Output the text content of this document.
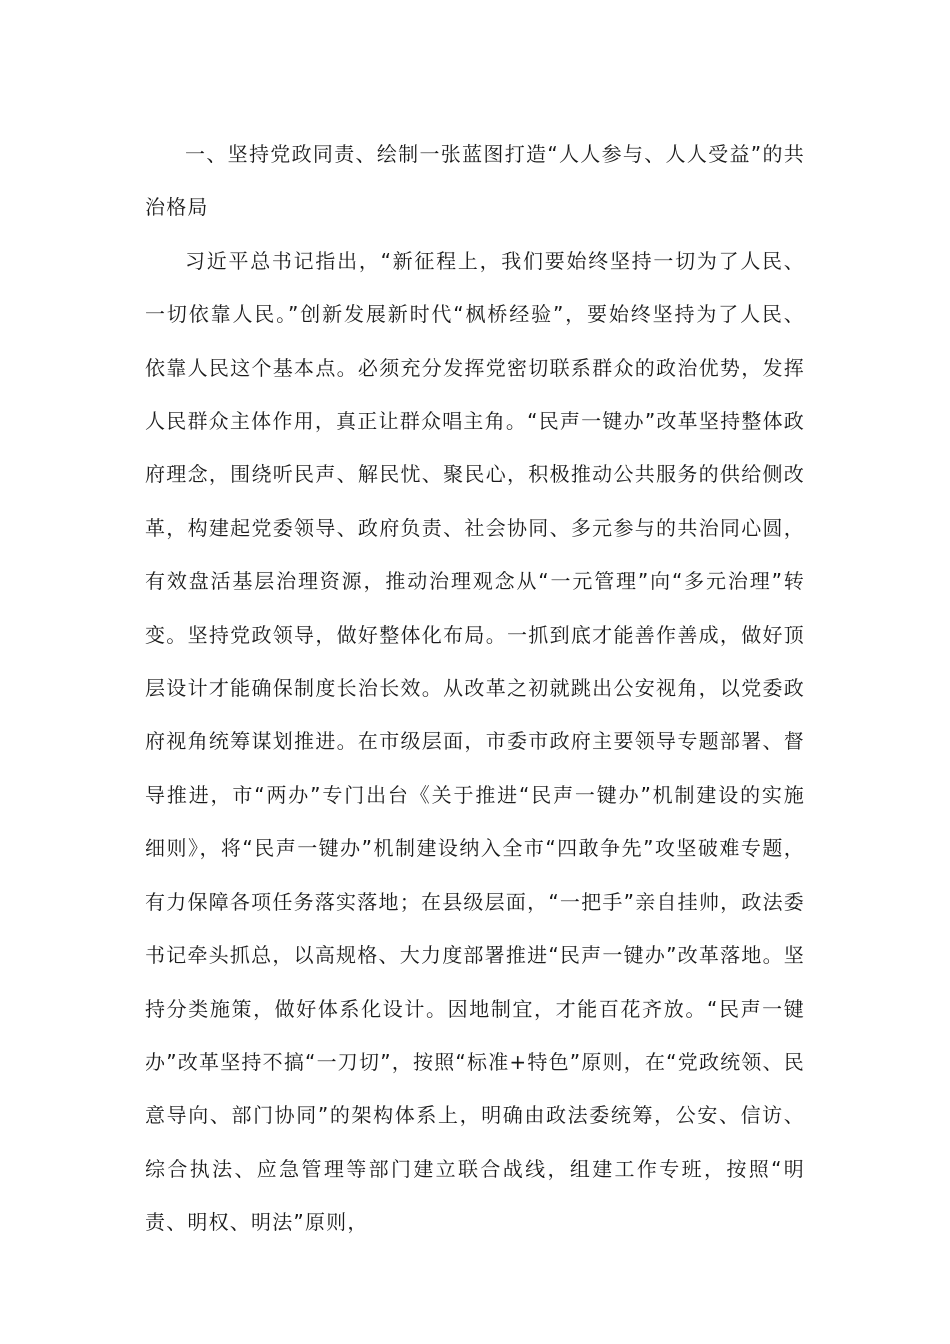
一、坚持党政同责、绘制一张蓝图打造“人人参与、人人受益”的共治格局

习近平总书记指出，“新征程上，我们要始终坚持一切为了人民、一切依靠人民。”创新发展新时代“枫桥经验”，要始终坚持为了人民、依靠人民这个基本点。必须充分发挥党密切联系群众的政治优势，发挥人民群众主体作用，真正让群众唱主角。“民声一键办”改革坚持整体政府理念，围绕听民声、解民忧、聚民心，积极推动公共服务的供给侧改革，构建起党委领导、政府负责、社会协同、多元参与的共治同心圆，有效盘活基层治理资源，推动治理观念从“一元管理”向“多元治理”转变。坚持党政领导，做好整体化布局。一抓到底才能善作善成，做好顶层设计才能确保制度长治长效。从改革之初就跳出公安视角，以党委政府视角统筹谋划推进。在市级层面，市委市政府主要领导专题部署、督导推进，市“两办”专门出台《关于推进“民声一键办”机制建设的实施细则》，将“民声一键办”机制建设纳入全市“四敢争先”攻坚破难专题，有力保障各项任务落实落地；在县级层面，“一把手”亲自挂帅，政法委书记牵头抓总，以高规格、大力度部署推进“民声一键办”改革落地。坚持分类施策，做好体系化设计。因地制宜，才能百花齐放。“民声一键办”改革坚持不搞“一刀切”，按照“标准+特色”原则，在“党政统领、民意导向、部门协同”的架构体系上，明确由政法委统筹，公安、信访、综合执法、应急管理等部门建立联合战线，组建工作专班，按照“明责、明权、明法”原则，
